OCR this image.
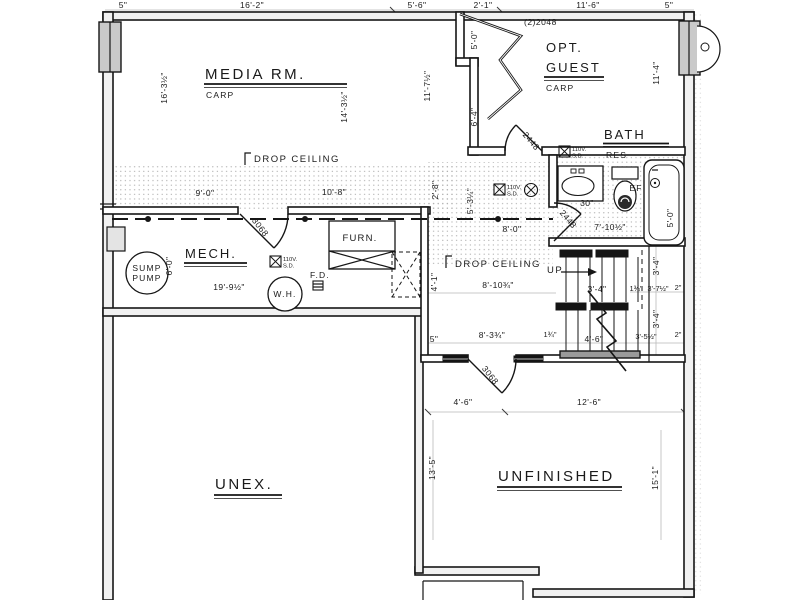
MEDIA RM.
CARP
OPT.
GUEST
CARP
BATH
RES
MECH.
UNEX.	UNFINISHED
SUMP
PUMP
W.H.
FURN.
F.D.
EF
30"
110V.
S.D.
110V.
S.D.
110V.
S.D.
DROP CEILING
DROP CEILING
UP
(2)2048
2448
2448
3068
3068
5"	16'-2"	5'-6"	2'-1"	11'-6"	5"
16'-3½"
14'-3½"
11'-7½"
5'-0"
6'-4"
11'-4"
9'-0"	10'-8"	2'-8"	5'-3¼"
8'-0"	7'-10½"	5'-0"
6'-0"
19'-9½"	4'-1"	8'-10¾"
8'-3¾"
5"
3'-4"	1¾" 3'-7½" 2"
3'-4"
3'-4"
1¾"	4'-6"	3'-5½" 2"
4'-6"	12'-6"
13'-5"	15'-1"
